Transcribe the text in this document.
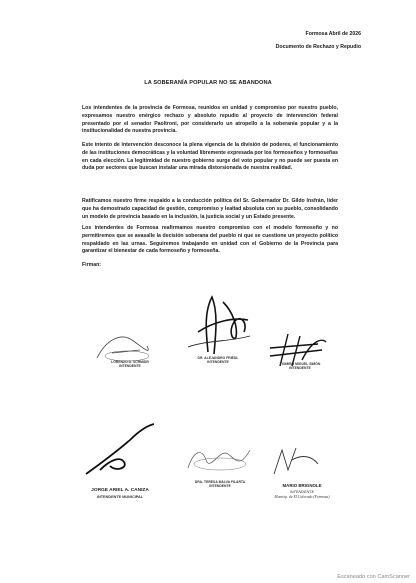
Formosa Abril de 2026
Documento de Rechazo y Repudio
LA SOBERANÍA POPULAR NO SE ABANDONA
Los intendentes de la provincia de Formosa, reunidos en unidad y compromiso por nuestro pueblo, expresamos nuestro enérgico rechazo y absoluto repudio al proyecto de intervención federal presentado por el senador Paoltroni, por considerarlo un atropello a la soberanía popular y a la institucionalidad de nuestra provincia.
Este intento de intervención desconoce la plena vigencia de la división de poderes, el funcionamiento de las instituciones democráticas y la voluntad libremente expresada por los formoseños y formoseñas en cada elección. La legitimidad de nuestro gobierno surge del voto popular y no puede ser puesta en duda por sectores que buscan instalar una mirada distorsionada de nuestra realidad.
Ratificamos nuestro firme respaldo a la conducción política del Sr. Gobernador Dr. Gildo Insfrán, líder que ha demostrado capacidad de gestión, compromiso y lealtad absoluta con su pueblo, consolidando un modelo de provincia basado en la inclusión, la justicia social y un Estado presente.
Los intendentes de Formosa reafirmamos nuestro compromiso con el modelo formoseño y no permitiremos que se avasalle la decisión soberana del pueblo ni que se cuestione un proyecto político respaldado en las urnas. Seguiremos trabajando en unidad con el Gobierno de la Provincia para garantizar el bienestar de cada formoseño y formoseña.
Firman:
LORENZO D. SCHMIDR
INTENDENTE
DR. ALEJANDRO FRIEDL
INTENDENTE	TIOMIRO MIGUEL SIMÓN
INTENDENTE
JORGE ARIEL A. CANIZA
INTENDENTE MUNICIPAL
DRA. TERESA MALVA FILARTA
INTENDENTE	MARIO BRIGNOLE
INTENDENTE
Municip. de El Colorado (Formosa)
Escaneado con CamScanner
